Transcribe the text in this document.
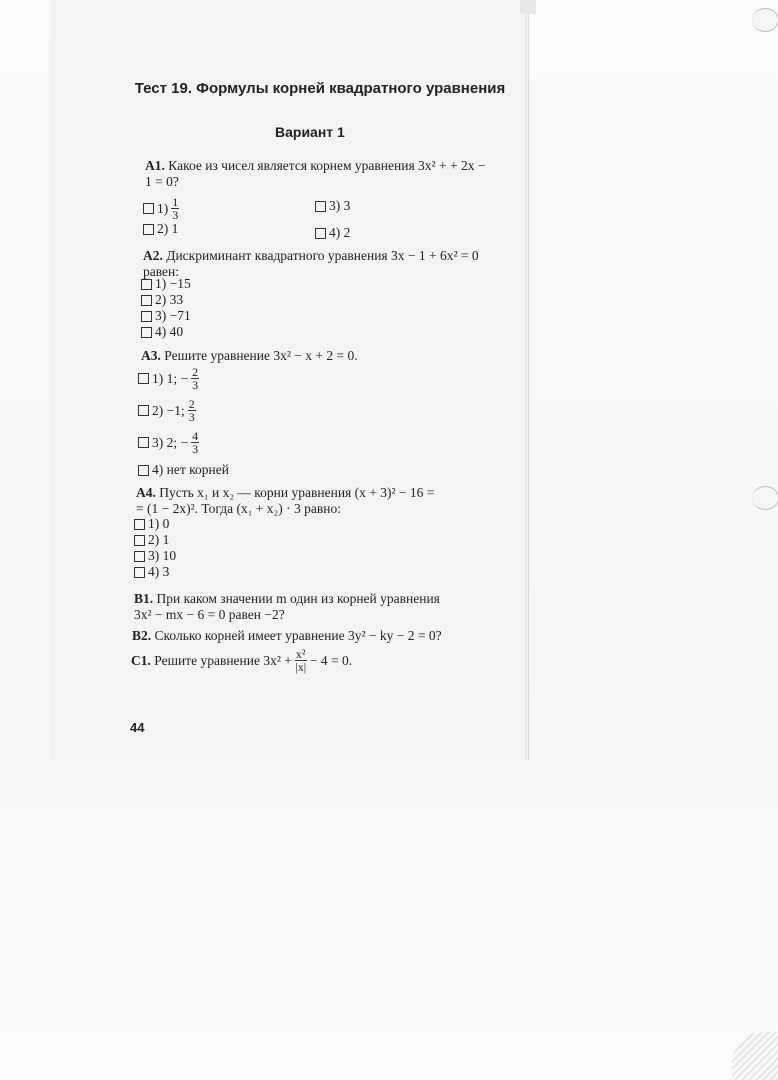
Тест 19. Формулы корней квадратного уравнения
Вариант 1
А1. Какое из чисел является корнем уравнения 3x² + + 2x − 1 = 0?
$1) \frac{1}{3}$	3)
3
2)
1	4)
2
А2. Дискриминант квадратного уравнения 3x − 1 + 6x² = 0 равен:
1)
−15
2)
33
3)
−71
4)
40
А3. Решите уравнение 3x² − x + 2 = 0.
1)
1; − $\frac{2}{3}$
2)
−1; $\frac{2}{3}$
3)
2; − $\frac{4}{3}$
4)
нет корней
А4. Пусть x₁ и x₂ — корни уравнения (x + 3)² − 16 =
= (1 − 2x)². Тогда (x₁ + x₂) · 3 равно:
1)
0
2)
1
3)
10
4)
3
В1. При каком значении m один из корней уравнения
3x² − mx − 6 = 0 равен −2?
В2. Сколько корней имеет уравнение 3y² − ky − 2 = 0?
С1.
Решите уравнение $3x^2 + \frac{\text{x²}}{|x|}$
− 4 = 0.
44
